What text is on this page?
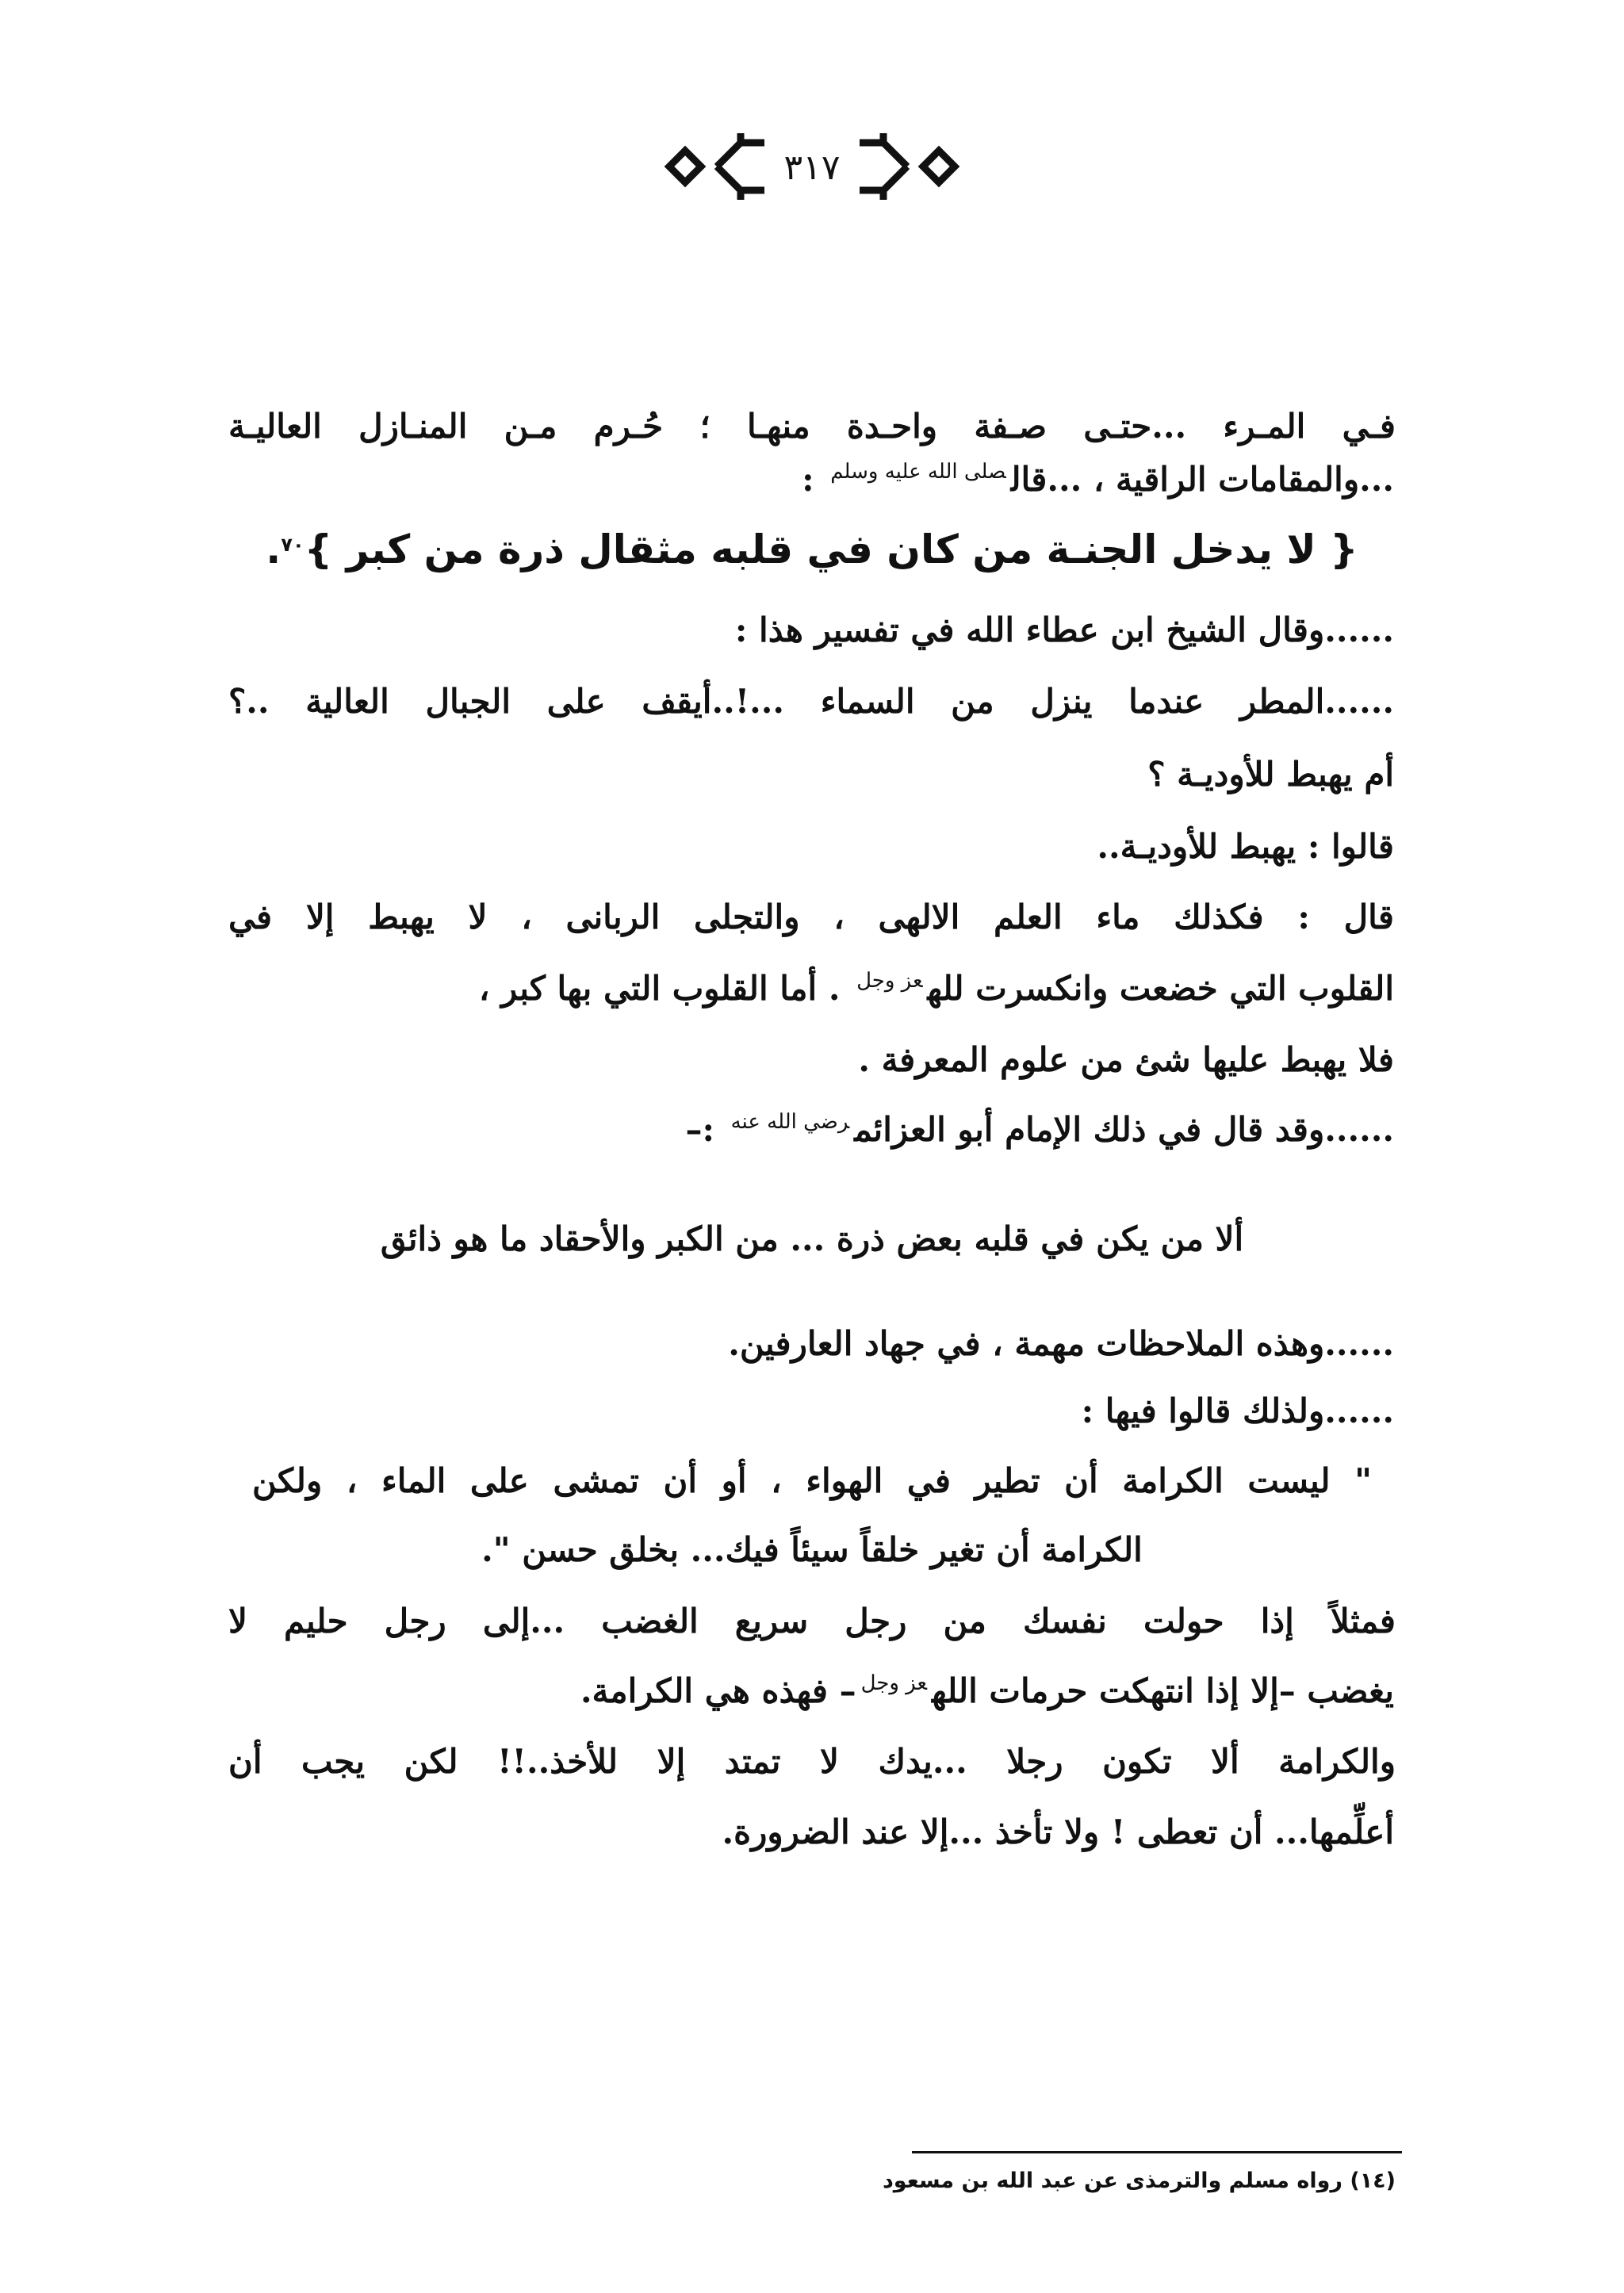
٣١٧
فـي المـرء ...حتـى صـفة واحـدة منهـا ؛ حُـرم مـن المنـازل العاليـة
...والمقامات الراقية ، ...قال$^{صلى الله عليه وسلم}$ :
{ لا يدخل الجنـة من كان في قلبه مثقال ذرة من كبر }$^{٧٠}$.
......وقال الشيخ ابن عطاء الله في تفسير هذا :
......المطر عندما ينزل من السماء ...!..أيقف على الجبال العالية ..؟
أم يهبط للأوديـة ؟
قالوا : يهبط للأوديـة..
قال : فكذلك ماء العلم الالهى ، والتجلى الربانى ، لا يهبط إلا في
القلوب التي خضعت وانكسرت لله$^{عز وجل}$ . أما القلوب التي بها كبر ،
فلا يهبط عليها شئ من علوم المعرفة .
......وقد قال في ذلك الإمام أبو العزائم$^{رضي الله عنه}$ :–
ألا من يكن في قلبه بعض ذرة ... من الكبر والأحقاد ما هو ذائق
......وهذه الملاحظات مهمة ، في جهاد العارفين.
......ولذلك قالوا فيها :
" ليست الكرامة أن تطير في الهواء ، أو أن تمشى على الماء ، ولكن
الكرامة أن تغير خلقاً سيئاً فيك... بخلق حسن ".
فمثلاً إذا حولت نفسك من رجل سريع الغضب ...إلى رجل حليم لا
يغضب –إلا إذا انتهكت حرمات الله$^{عز وجل}$– فهذه هي الكرامة.
والكرامة ألا تكون رجلا ...يدك لا تمتد إلا للأخذ..!! لكن يجب أن
أعلِّمها... أن تعطى ! ولا تأخذ ...إلا عند الضرورة.
(١٤) رواه مسلم والترمذى عن عبد الله بن مسعود
